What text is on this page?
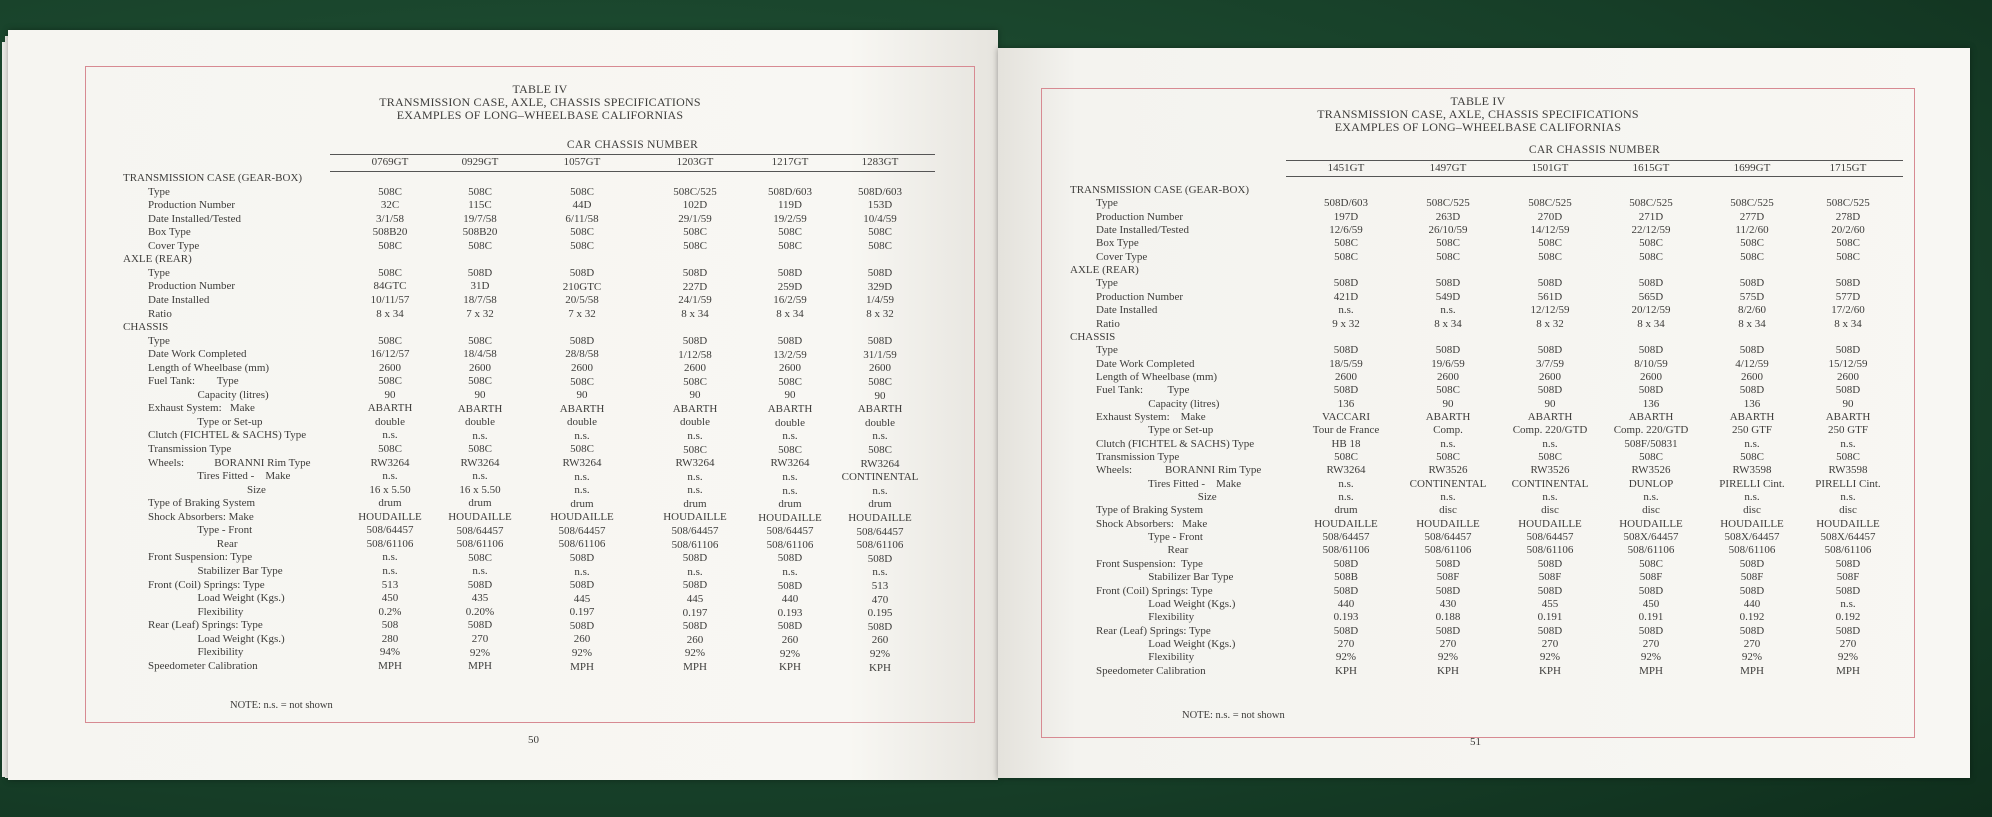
TABLE IV
TRANSMISSION CASE, AXLE, CHASSIS SPECIFICATIONS
EXAMPLES OF LONG–WHEELBASE CALIFORNIAS
CAR CHASSIS NUMBER
0769GT	0929GT	1057GT	1203GT	1217GT	1283GT
TRANSMISSION CASE (GEAR-BOX)
Type	508C	508C	508C	508C/525	508D/603	508D/603
Production Number	32C	115C	44D	102D	119D	153D
Date Installed/Tested	3/1/58	19/7/58	6/11/58	29/1/59	19/2/59	10/4/59
Box Type	508B20	508B20	508C	508C	508C	508C
Cover Type	508C	508C	508C	508C	508C	508C
AXLE (REAR)
Type	508C	508D	508D	508D	508D	508D
Production Number	84GTC	31D	210GTC	227D	259D	329D
Date Installed	10/11/57	18/7/58	20/5/58	24/1/59	16/2/59	1/4/59
Ratio	8 x 34	7 x 32	7 x 32	8 x 34	8 x 34	8 x 32
CHASSIS
Type	508C	508C	508D	508D	508D	508D
Date Work Completed	16/12/57	18/4/58	28/8/58	1/12/58	13/2/59	31/1/59
Length of Wheelbase (mm)	2600	2600	2600	2600	2600	2600
Fuel Tank:        Type	508C	508C	508C	508C	508C	508C
Capacity (litres)	90	90	90	90	90	90
Exhaust System:   Make	ABARTH	ABARTH	ABARTH	ABARTH	ABARTH	ABARTH
Type or Set-up	double	double	double	double	double	double
Clutch (FICHTEL & SACHS) Type	n.s.	n.s.	n.s.	n.s.	n.s.	n.s.
Transmission Type	508C	508C	508C	508C	508C	508C
Wheels:           BORANNI Rim Type	RW3264	RW3264	RW3264	RW3264	RW3264	RW3264
Tires Fitted -    Make	n.s.	n.s.	n.s.	n.s.	n.s.	CONTINENTAL
Size	16 x 5.50	16 x 5.50	n.s.	n.s.	n.s.	n.s.
Type of Braking System	drum	drum	drum	drum	drum	drum
Shock Absorbers: Make	HOUDAILLE	HOUDAILLE	HOUDAILLE	HOUDAILLE	HOUDAILLE	HOUDAILLE
Type - Front	508/64457	508/64457	508/64457	508/64457	508/64457	508/64457
Rear	508/61106	508/61106	508/61106	508/61106	508/61106	508/61106
Front Suspension: Type	n.s.	508C	508D	508D	508D	508D
Stabilizer Bar Type	n.s.	n.s.	n.s.	n.s.	n.s.	n.s.
Front (Coil) Springs: Type	513	508D	508D	508D	508D	513
Load Weight (Kgs.)	450	435	445	445	440	470
Flexibility	0.2%	0.20%	0.197	0.197	0.193	0.195
Rear (Leaf) Springs: Type	508	508D	508D	508D	508D	508D
Load Weight (Kgs.)	280	270	260	260	260	260
Flexibility	94%	92%	92%	92%	92%	92%
Speedometer Calibration	MPH	MPH	MPH	MPH	KPH	KPH
NOTE: n.s. = not shown
50
TABLE IV
TRANSMISSION CASE, AXLE, CHASSIS SPECIFICATIONS
EXAMPLES OF LONG–WHEELBASE CALIFORNIAS
CAR CHASSIS NUMBER
1451GT	1497GT	1501GT	1615GT	1699GT	1715GT
TRANSMISSION CASE (GEAR-BOX)
Type	508D/603	508C/525	508C/525	508C/525	508C/525	508C/525
Production Number	197D	263D	270D	271D	277D	278D
Date Installed/Tested	12/6/59	26/10/59	14/12/59	22/12/59	11/2/60	20/2/60
Box Type	508C	508C	508C	508C	508C	508C
Cover Type	508C	508C	508C	508C	508C	508C
AXLE (REAR)
Type	508D	508D	508D	508D	508D	508D
Production Number	421D	549D	561D	565D	575D	577D
Date Installed	n.s.	n.s.	12/12/59	20/12/59	8/2/60	17/2/60
Ratio	9 x 32	8 x 34	8 x 32	8 x 34	8 x 34	8 x 34
CHASSIS
Type	508D	508D	508D	508D	508D	508D
Date Work Completed	18/5/59	19/6/59	3/7/59	8/10/59	4/12/59	15/12/59
Length of Wheelbase (mm)	2600	2600	2600	2600	2600	2600
Fuel Tank:         Type	508D	508C	508D	508D	508D	508D
Capacity (litres)	136	90	90	136	136	90
Exhaust System:    Make	VACCARI	ABARTH	ABARTH	ABARTH	ABARTH	ABARTH
Type or Set-up	Tour de France	Comp.	Comp. 220/GTD	Comp. 220/GTD	250 GTF	250 GTF
Clutch (FICHTEL & SACHS) Type	HB 18	n.s.	n.s.	508F/50831	n.s.	n.s.
Transmission Type	508C	508C	508C	508C	508C	508C
Wheels:            BORANNI Rim Type	RW3264	RW3526	RW3526	RW3526	RW3598	RW3598
Tires Fitted -    Make	n.s.	CONTINENTAL	CONTINENTAL	DUNLOP	PIRELLI Cint.	PIRELLI Cint.
Size	n.s.	n.s.	n.s.	n.s.	n.s.	n.s.
Type of Braking System	drum	disc	disc	disc	disc	disc
Shock Absorbers:   Make	HOUDAILLE	HOUDAILLE	HOUDAILLE	HOUDAILLE	HOUDAILLE	HOUDAILLE
Type - Front	508/64457	508/64457	508/64457	508X/64457	508X/64457	508X/64457
Rear	508/61106	508/61106	508/61106	508/61106	508/61106	508/61106
Front Suspension:  Type	508D	508D	508D	508C	508D	508D
Stabilizer Bar Type	508B	508F	508F	508F	508F	508F
Front (Coil) Springs: Type	508D	508D	508D	508D	508D	508D
Load Weight (Kgs.)	440	430	455	450	440	n.s.
Flexibility	0.193	0.188	0.191	0.191	0.192	0.192
Rear (Leaf) Springs: Type	508D	508D	508D	508D	508D	508D
Load Weight (Kgs.)	270	270	270	270	270	270
Flexibility	92%	92%	92%	92%	92%	92%
Speedometer Calibration	KPH	KPH	KPH	MPH	MPH	MPH
NOTE: n.s. = not shown
51
